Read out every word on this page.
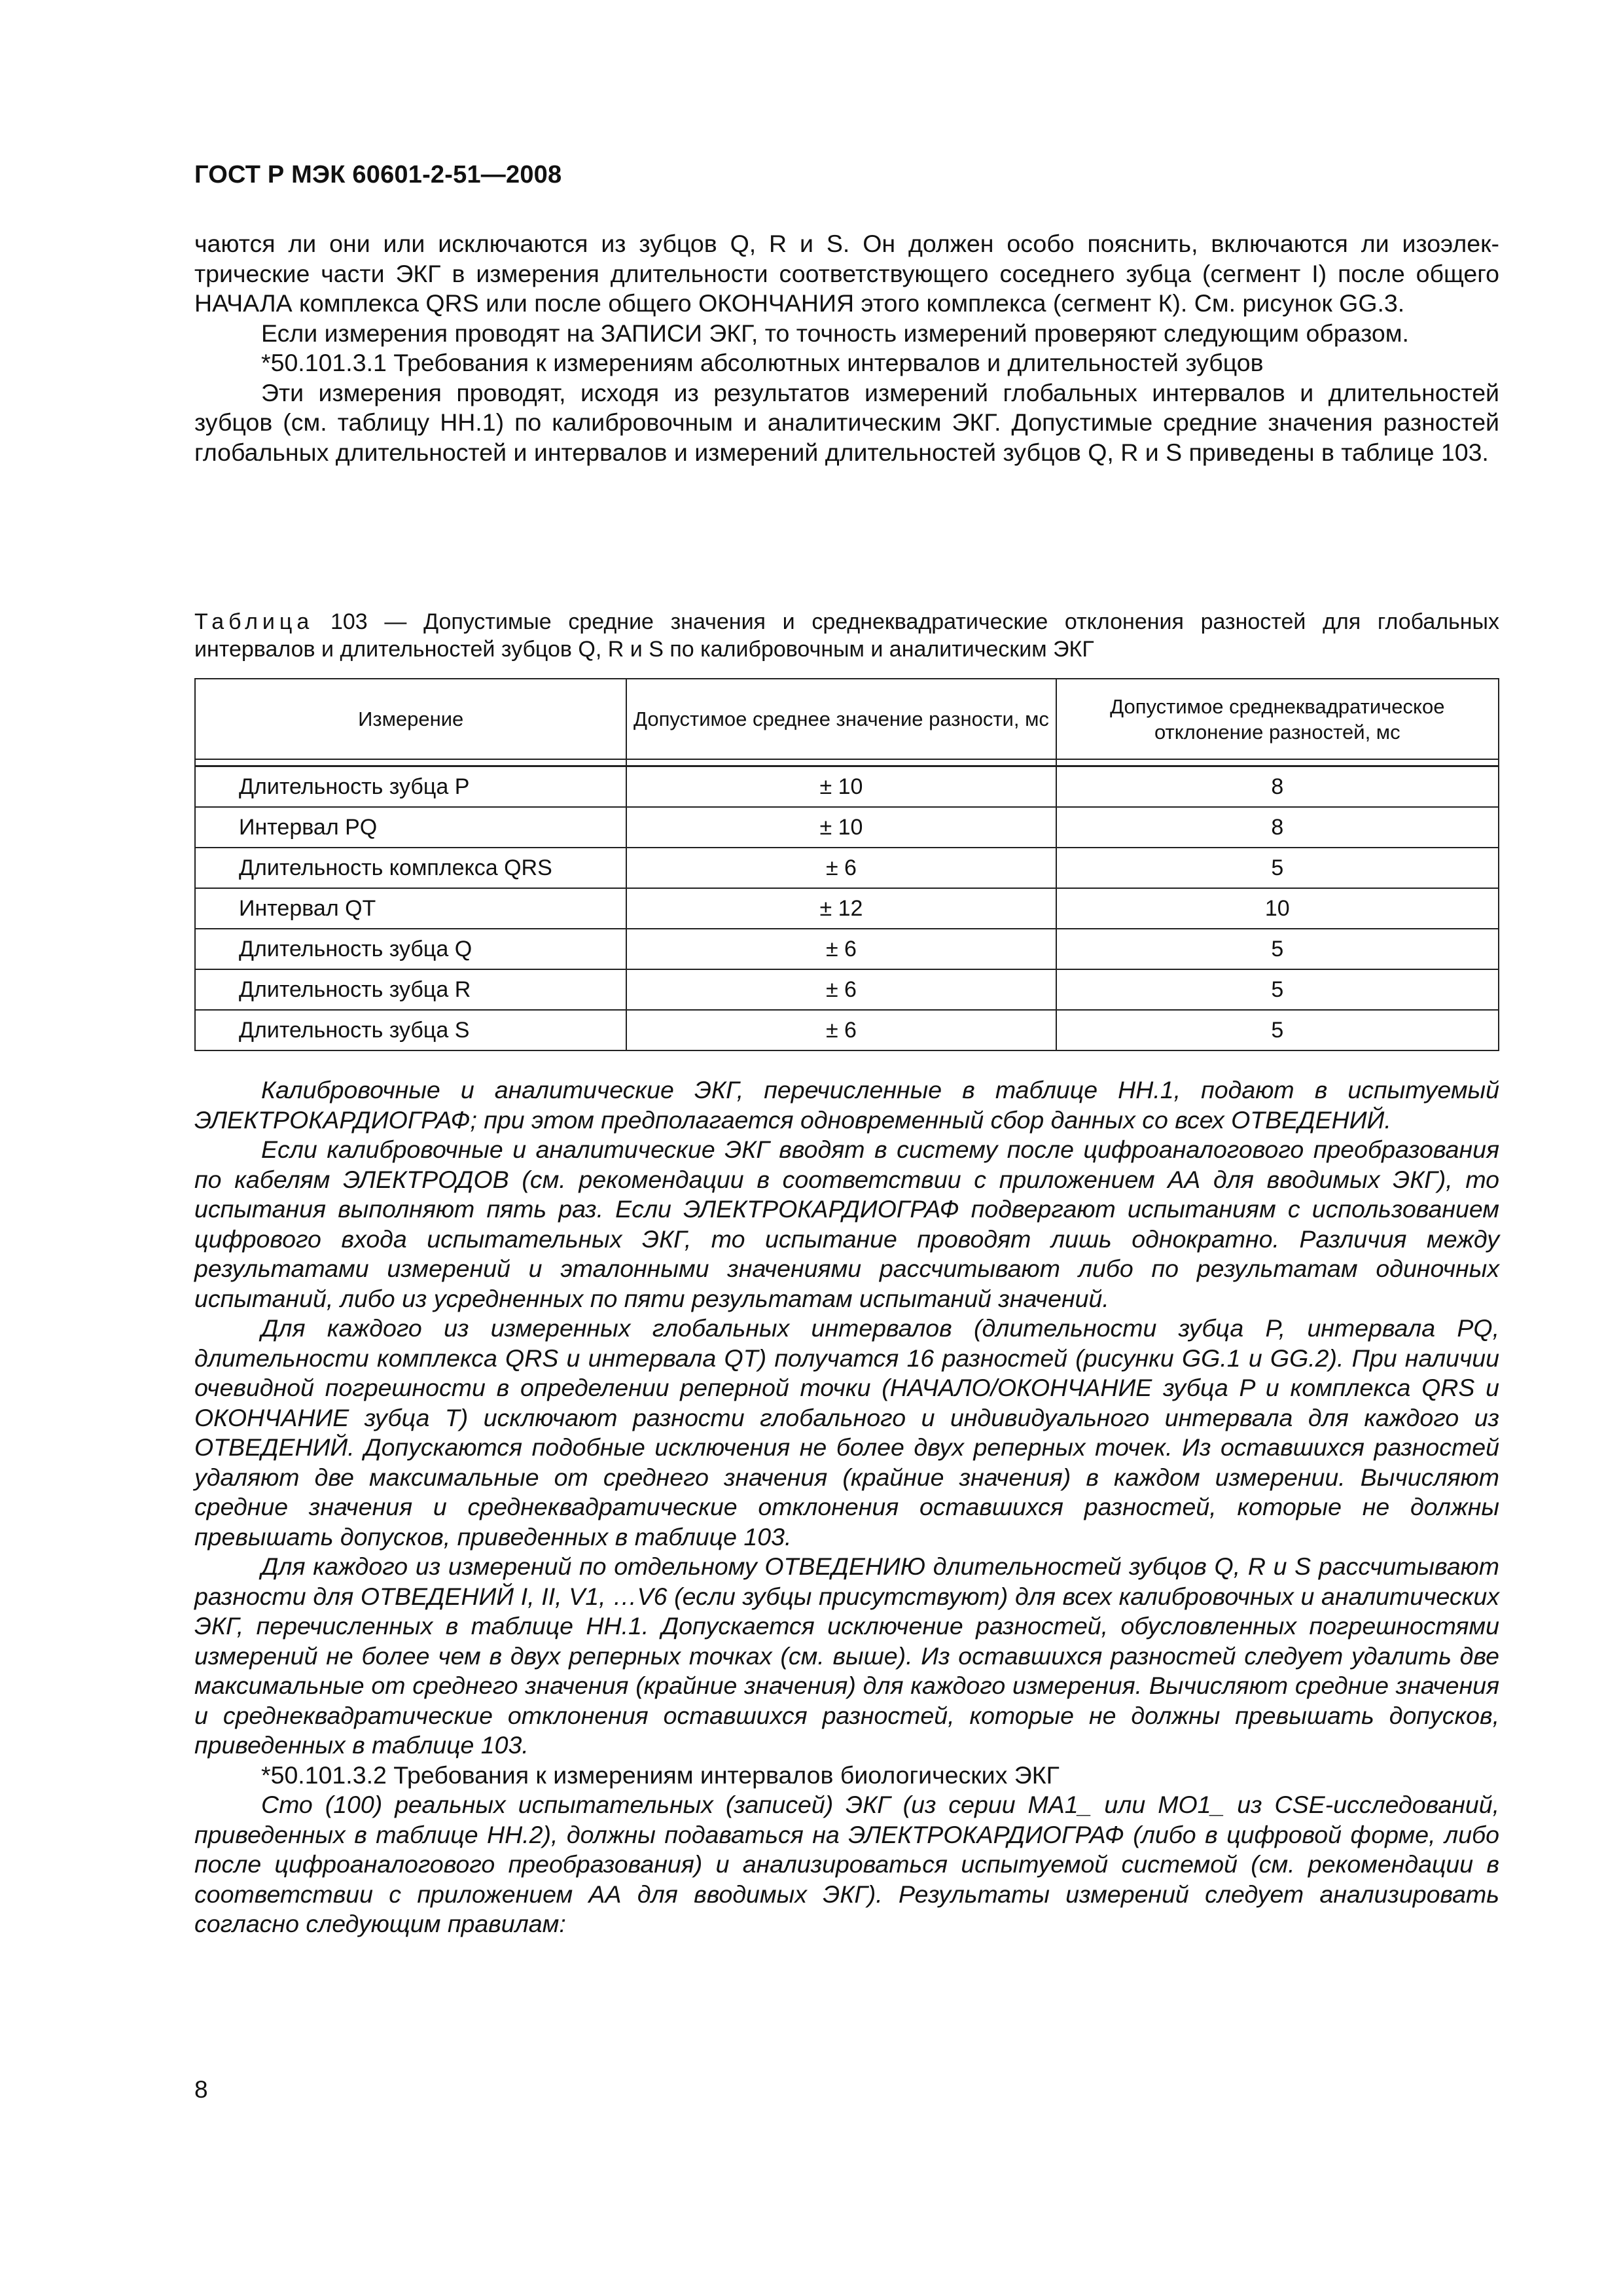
ГОСТ Р МЭК 60601-2-51—2008

чаются ли они или исключаются из зубцов Q, R и S. Он должен особо пояснить, включаются ли изоэлектрические части ЭКГ в измерения длительности соответствующего соседнего зубца (сегмент I) после общего НАЧАЛА комплекса QRS или после общего ОКОНЧАНИЯ этого комплекса (сегмент К). См. рисунок GG.3.

Если измерения проводят на ЗАПИСИ ЭКГ, то точность измерений проверяют следующим образом.

*50.101.3.1 Требования к измерениям абсолютных интервалов и длительностей зубцов

Эти измерения проводят, исходя из результатов измерений глобальных интервалов и длительностей зубцов (см. таблицу НН.1) по калибровочным и аналитическим ЭКГ. Допустимые средние значения разностей глобальных длительностей и интервалов и измерений длительностей зубцов Q, R и S приведены в таблице 103.

Таблица 103 — Допустимые средние значения и среднеквадратические отклонения разностей для глобальных интервалов и длительностей зубцов Q, R и S по калибровочным и аналитическим ЭКГ
Измерение	Допустимое среднее значение разности, мс	Допустимое среднеквадратическое отклонение разностей, мс

Длительность зубца P	± 10	8
Интервал PQ	± 10	8
Длительность комплекса QRS	± 6	5
Интервал QT	± 12	10
Длительность зубца Q	± 6	5
Длительность зубца R	± 6	5
Длительность зубца S	± 6	5

Калибровочные и аналитические ЭКГ, перечисленные в таблице НН.1, подают в испытуемый ЭЛЕКТРОКАРДИОГРАФ; при этом предполагается одновременный сбор данных со всех ОТВЕДЕНИЙ.

Если калибровочные и аналитические ЭКГ вводят в систему после цифроаналогового преобразования по кабелям ЭЛЕКТРОДОВ (см. рекомендации в соответствии с приложением АА для вводимых ЭКГ), то испытания выполняют пять раз. Если ЭЛЕКТРОКАРДИОГРАФ подвергают испытаниям с использованием цифрового входа испытательных ЭКГ, то испытание проводят лишь однократно. Различия между результатами измерений и эталонными значениями рассчитывают либо по результатам одиночных испытаний, либо из усредненных по пяти результатам испытаний значений.

Для каждого из измеренных глобальных интервалов (длительности зубца P, интервала PQ, длительности комплекса QRS и интервала QT) получатся 16 разностей (рисунки GG.1 и GG.2). При наличии очевидной погрешности в определении реперной точки (НАЧАЛО/ОКОНЧАНИЕ зубца P и комплекса QRS и ОКОНЧАНИЕ зубца T) исключают разности глобального и индивидуального интервала для каждого из ОТВЕДЕНИЙ. Допускаются подобные исключения не более двух реперных точек. Из оставшихся разностей удаляют две максимальные от среднего значения (крайние значения) в каждом измерении. Вычисляют средние значения и среднеквадратические отклонения оставшихся разностей, которые не должны превышать допусков, приведенных в таблице 103.

Для каждого из измерений по отдельному ОТВЕДЕНИЮ длительностей зубцов Q, R и S рассчитывают разности для ОТВЕДЕНИЙ I, II, V1, …V6 (если зубцы присутствуют) для всех калибровочных и аналитических ЭКГ, перечисленных в таблице НН.1. Допускается исключение разностей, обусловленных погрешностями измерений не более чем в двух реперных точках (см. выше). Из оставшихся разностей следует удалить две максимальные от среднего значения (крайние значения) для каждого измерения. Вычисляют средние значения и среднеквадратические отклонения оставшихся разностей, которые не должны превышать допусков, приведенных в таблице 103.

*50.101.3.2 Требования к измерениям интервалов биологических ЭКГ

Сто (100) реальных испытательных (записей) ЭКГ (из серии MA1_ или MO1_ из CSE-исследований, приведенных в таблице НН.2), должны подаваться на ЭЛЕКТРОКАРДИОГРАФ (либо в цифровой форме, либо после цифроаналогового преобразования) и анализироваться испытуемой системой (см. рекомендации в соответствии с приложением АА для вводимых ЭКГ). Результаты измерений следует анализировать согласно следующим правилам:

8
